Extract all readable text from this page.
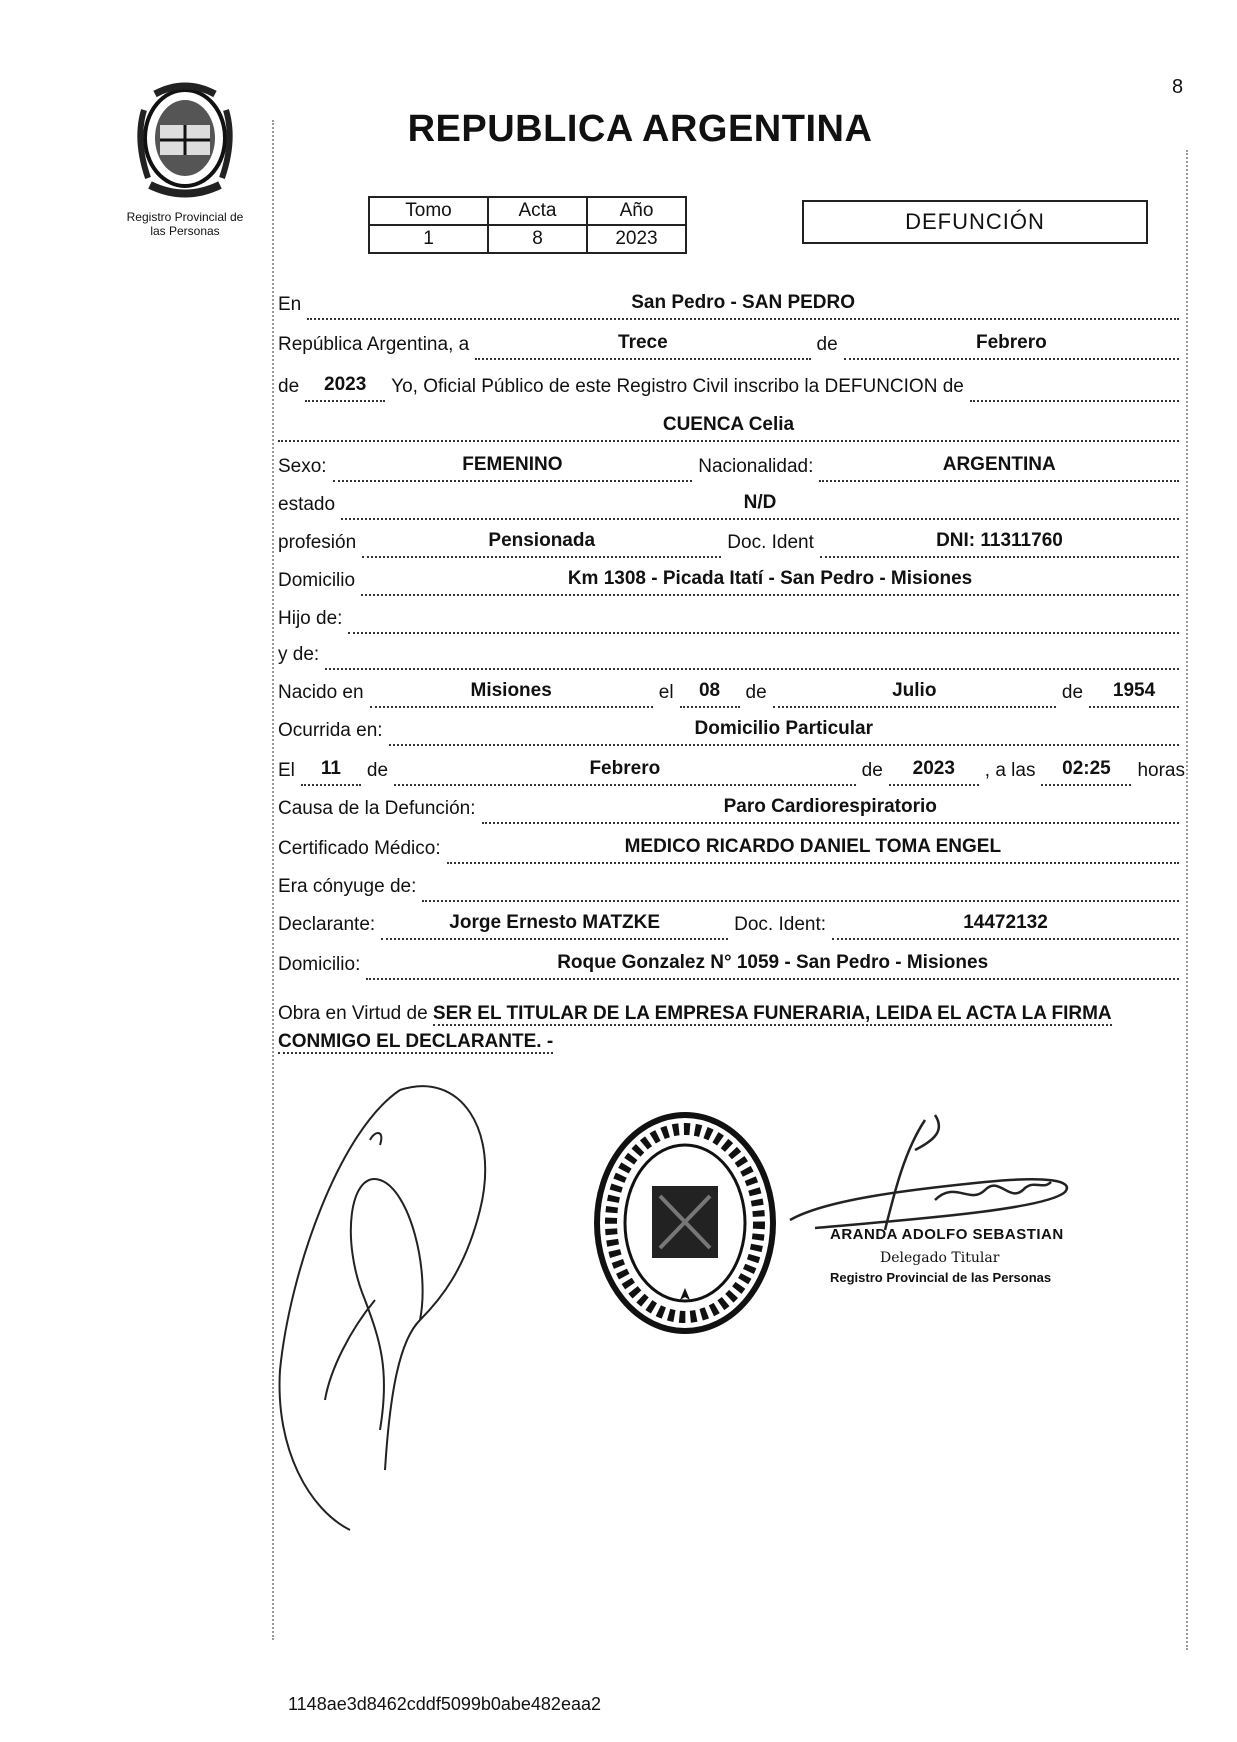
8
Registro Provincial de
las Personas
REPUBLICA ARGENTINA
Tomo	Acta	Año
1	8	2023
DEFUNCIÓN
En	San Pedro - SAN PEDRO
República Argentina, a	Trece	de	Febrero
de	2023	Yo, Oficial Público de este Registro Civil inscribo la DEFUNCION de
CUENCA Celia
Sexo:	FEMENINO	Nacionalidad:	ARGENTINA
estado	N/D
profesión	Pensionada	Doc. Ident	DNI: 11311760
Domicilio	Km 1308 - Picada Itatí - San Pedro - Misiones
Hijo de:
y de:
Nacido en	Misiones	el	08	de	Julio	de	1954
Ocurrida en:	Domicilio Particular
El	11	de	Febrero	de	2023	, a las	02:25	horas
Causa de la Defunción:	Paro Cardiorespiratorio
Certificado Médico:	MEDICO RICARDO DANIEL TOMA ENGEL
Era cónyuge de:
Declarante:	Jorge Ernesto MATZKE	Doc. Ident:	14472132
Domicilio:	Roque Gonzalez N° 1059 - San Pedro - Misiones
Obra en Virtud de SER EL TITULAR DE LA EMPRESA FUNERARIA, LEIDA EL ACTA LA FIRMA CONMIGO EL DECLARANTE. -
ARANDA ADOLFO SEBASTIAN
Delegado Titular
Registro Provincial de las Personas
1148ae3d8462cddf5099b0abe482eaa2
